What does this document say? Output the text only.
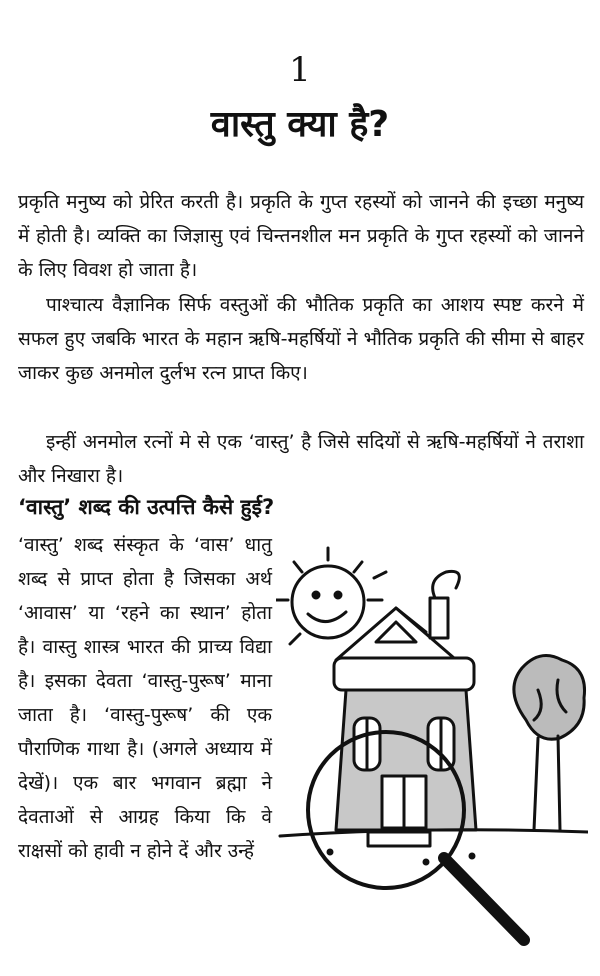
1
वास्तु क्या है?

प्रकृति मनुष्य को प्रेरित करती है। प्रकृति के गुप्त रहस्यों को जानने की इच्छा मनुष्य में होती है। व्यक्ति का जिज्ञासु एवं चिन्तनशील मन प्रकृति के गुप्त रहस्यों को जानने के लिए विवश हो जाता है।

पाश्चात्य वैज्ञानिक सिर्फ वस्तुओं की भौतिक प्रकृति का आशय स्पष्ट करने में सफल हुए जबकि भारत के महान ऋषि-महर्षियों ने भौतिक प्रकृति की सीमा से बाहर जाकर कुछ अनमोल दुर्लभ रत्न प्राप्त किए।

इन्हीं अनमोल रत्नों मे से एक ‘वास्तु’ है जिसे सदियों से ऋषि-महर्षियों ने तराशा और निखारा है।

‘वास्तु’ शब्द की उत्पत्ति कैसे हुई?

‘वास्तु’ शब्द संस्कृत के ‘वास’ धातु शब्द से प्राप्त होता है जिसका अर्थ ‘आवास’ या ‘रहने का स्थान’ होता है। वास्तु शास्त्र भारत की प्राच्य विद्या है। इसका देवता ‘वास्तु-पुरूष’ माना जाता है। ‘वास्तु-पुरूष’ की एक पौराणिक गाथा है। (अगले अध्याय में देखें)। एक बार भगवान ब्रह्मा ने देवताओं से आग्रह किया कि वे राक्षसों को हावी न होने दें और उन्हें
